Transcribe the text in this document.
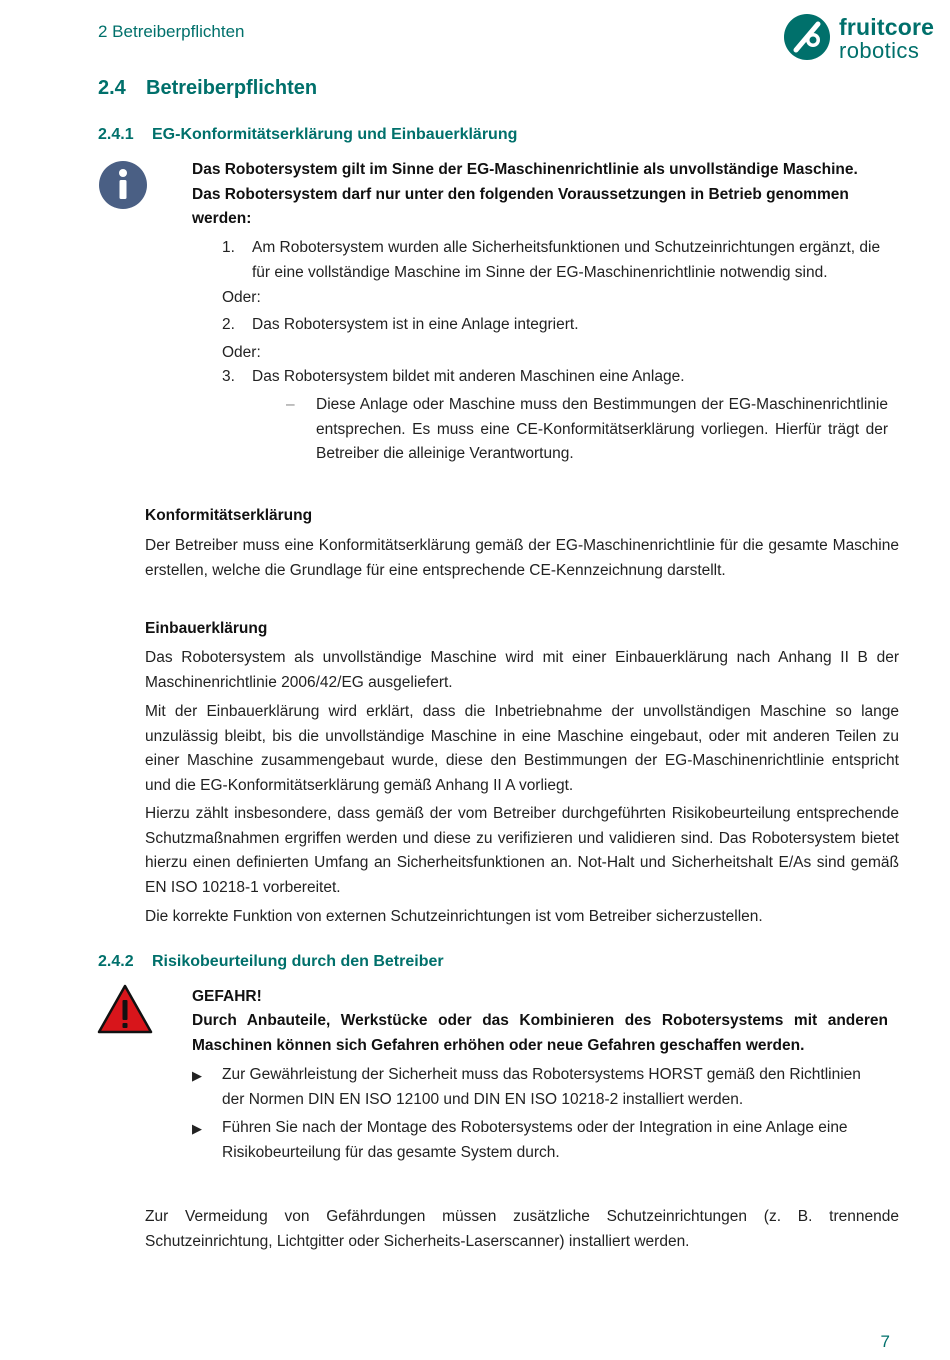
2 Betreiberpflichten	fruitcore
robotics
2.4 Betreiberpflichten
2.4.1 EG-Konformitätserklärung und Einbauerklärung
Das Robotersystem gilt im Sinne der EG-Maschinenrichtlinie als unvollständige Maschine. Das Robotersystem darf nur unter den folgenden Voraussetzungen in Betrieb genommen werden:
1. Am Robotersystem wurden alle Sicherheitsfunktionen und Schutzeinrichtungen ergänzt, die für eine vollständige Maschine im Sinne der EG-Maschinenrichtlinie notwendig sind.
Oder:
2. Das Robotersystem ist in eine Anlage integriert.
Oder:
3. Das Robotersystem bildet mit anderen Maschinen eine Anlage.
– Diese Anlage oder Maschine muss den Bestimmungen der EG-Maschinenrichtlinie entsprechen. Es muss eine CE-Konformitätserklärung vorliegen. Hierfür trägt der Betreiber die alleinige Verantwortung.
Konformitätserklärung
Der Betreiber muss eine Konformitätserklärung gemäß der EG-Maschinenrichtlinie für die gesamte Maschine erstellen, welche die Grundlage für eine entsprechende CE-Kennzeichnung darstellt.
Einbauerklärung
Das Robotersystem als unvollständige Maschine wird mit einer Einbauerklärung nach Anhang II B der Maschinenrichtlinie 2006/42/EG ausgeliefert.
Mit der Einbauerklärung wird erklärt, dass die Inbetriebnahme der unvollständigen Maschine so lange unzulässig bleibt, bis die unvollständige Maschine in eine Maschine eingebaut, oder mit anderen Teilen zu einer Maschine zusammengebaut wurde, diese den Bestimmungen der EG-Maschinenrichtlinie entspricht und die EG-Konformitätserklärung gemäß Anhang II A vorliegt.
Hierzu zählt insbesondere, dass gemäß der vom Betreiber durchgeführten Risikobeurteilung entsprechende Schutzmaßnahmen ergriffen werden und diese zu verifizieren und validieren sind. Das Robotersystem bietet hierzu einen definierten Umfang an Sicherheitsfunktionen an. Not-Halt und Sicherheitshalt E/As sind gemäß EN ISO 10218-1 vorbereitet.
Die korrekte Funktion von externen Schutzeinrichtungen ist vom Betreiber sicherzustellen.
2.4.2 Risikobeurteilung durch den Betreiber
GEFAHR!
Durch Anbauteile, Werkstücke oder das Kombinieren des Robotersystems mit anderen Maschinen können sich Gefahren erhöhen oder neue Gefahren geschaffen werden.
▶ Zur Gewährleistung der Sicherheit muss das Robotersystems HORST gemäß den Richtlinien der Normen DIN EN ISO 12100 und DIN EN ISO 10218-2 installiert werden.
▶ Führen Sie nach der Montage des Robotersystems oder der Integration in eine Anlage eine Risikobeurteilung für das gesamte System durch.
Zur Vermeidung von Gefährdungen müssen zusätzliche Schutzeinrichtungen (z. B. trennende Schutzeinrichtung, Lichtgitter oder Sicherheits-Laserscanner) installiert werden.
7
